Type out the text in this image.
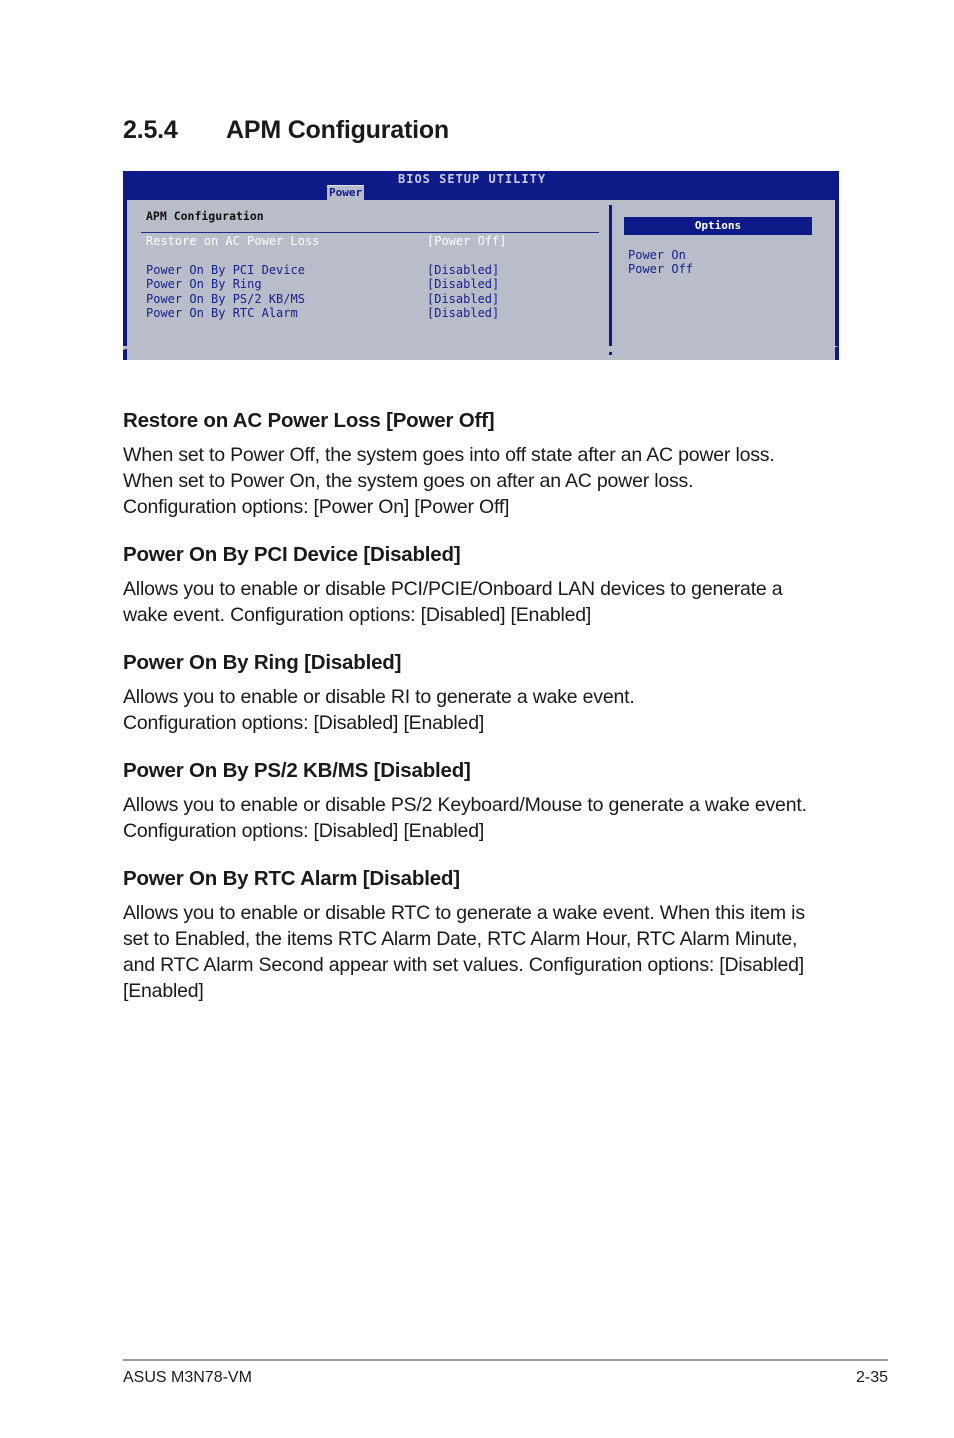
2.5.4 APM Configuration
BIOS SETUP UTILITY
Power
APM Configuration
Restore on AC Power Loss	[Power Off]
Power On By PCI Device	[Disabled]
Power On By Ring	[Disabled]
Power On By PS/2 KB/MS	[Disabled]
Power On By RTC Alarm	[Disabled]
Options
Power On
Power Off
Restore on AC Power Loss [Power Off]

When set to Power Off, the system goes into off state after an AC power loss.
When set to Power On, the system goes on after an AC power loss.
Configuration options: [Power On] [Power Off]

Power On By PCI Device [Disabled]

Allows you to enable or disable PCI/PCIE/Onboard LAN devices to generate a
wake event. Configuration options: [Disabled] [Enabled]

Power On By Ring [Disabled]

Allows you to enable or disable RI to generate a wake event.
Configuration options: [Disabled] [Enabled]

Power On By PS/2 KB/MS [Disabled]

Allows you to enable or disable PS/2 Keyboard/Mouse to generate a wake event.
Configuration options: [Disabled] [Enabled]

Power On By RTC Alarm [Disabled]

Allows you to enable or disable RTC to generate a wake event. When this item is
set to Enabled, the items RTC Alarm Date, RTC Alarm Hour, RTC Alarm Minute,
and RTC Alarm Second appear with set values. Configuration options: [Disabled]
[Enabled]

ASUS M3N78-VM	2-35
